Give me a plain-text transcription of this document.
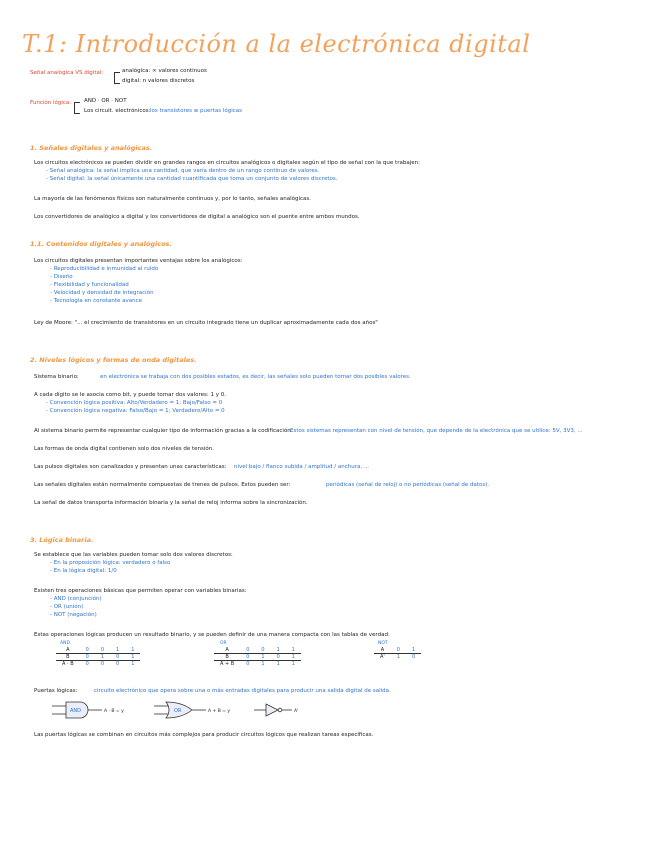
T.1: Introducción a la electrónica digital
Señal analógica VS digital:	analógica: ∞ valores continuos
digital: n valores discretos
Función lógica: AND · OR · NOT
Los circuit. electrónicos: los transistores ≡ puertas lógicas
1. Señales digitales y analógicas.
Los circuitos electrónicos se pueden dividir en grandes rangos en circuitos analógicos o digitales según el tipo de señal con la que trabajen:
- Señal analógica: la señal implica una cantidad, que varía dentro de un rango continuo de valores.
- Señal digital: la señal únicamente una cantidad cuantificada que toma un conjunto de valores discretos.
La mayoría de las fenómenos físicos son naturalmente continuos y, por lo tanto, señales analógicas.
Los convertidores de analógico a digital y los convertidores de digital a analógico son el puente entre ambos mundos.
1.1. Contenidos digitales y analógicos.
Los circuitos digitales presentan importantes ventajas sobre los analógicos:
- Reproducibilidad e inmunidad al ruido
- Diseño
- Flexibilidad y funcionalidad
- Velocidad y densidad de integración
- Tecnología en constante avance
Ley de Moore: "... el crecimiento de transistores en un circuito integrado tiene un duplicar aproximadamente cada dos años"
2. Niveles lógicos y formas de onda digitales.
Sistema binario:	en electrónica se trabaja con dos posibles estados, es decir, las señales solo pueden tomar dos posibles valores.
A cada dígito se le asocia como bit, y puede tomar dos valores: 1 y 0.
- Convención lógica positiva: Alto/Verdadero = 1; Bajo/Falso = 0
- Convención lógica negativa: Falso/Bajo = 1; Verdadero/Alto = 0
Al sistema binario permite representar cualquier tipo de información gracias a la codificación.
Estos sistemas representan con nivel de tensión, que depende de la electrónica que se utilice: 5V, 3V3, ...
Las formas de onda digital contienen solo dos niveles de tensión.
Las pulsos digitales son canalizados y presentan unas características: nivel bajo / flanco subida / amplitud / anchura, ...
Las señales digitales están normalmente compuestas de trenes de pulsos. Estos pueden ser:	periódicas (señal de reloj) o no periódicas (señal de datos).
La señal de datos transporta información binaria y la señal de reloj informa sobre la sincronización.
3. Lógica binaria.
Se establece que las variables pueden tomar solo dos valores discretos:
- En la proposición lógica: verdadero o falso
- En la lógica digital: 1/0
Existen tres operaciones básicas que permiten operar con variables binarias:
- AND (conjunción)
- OR (unión)
- NOT (negación)
Estas operaciones lógicas producen un resultado binario, y se pueden definir de una manera compacta con las tablas de verdad:
AND
A	0	0	1	1
B	0	1	0	1
A · B	0	0	0	1
OR
A	0	0	1	1
B	0	1	0	1
A + B	0	1	1	1
NOT
A	0	1
A'	1	0
Puertas lógicas:	circuito electrónico que opera sobre una o más entradas digitales para producir una salida digital de salida.
AND	A · B = y	OR	A + B = y	A'
Las puertas lógicas se combinan en circuitos más complejos para producir circuitos lógicos que realizan tareas específicas.
